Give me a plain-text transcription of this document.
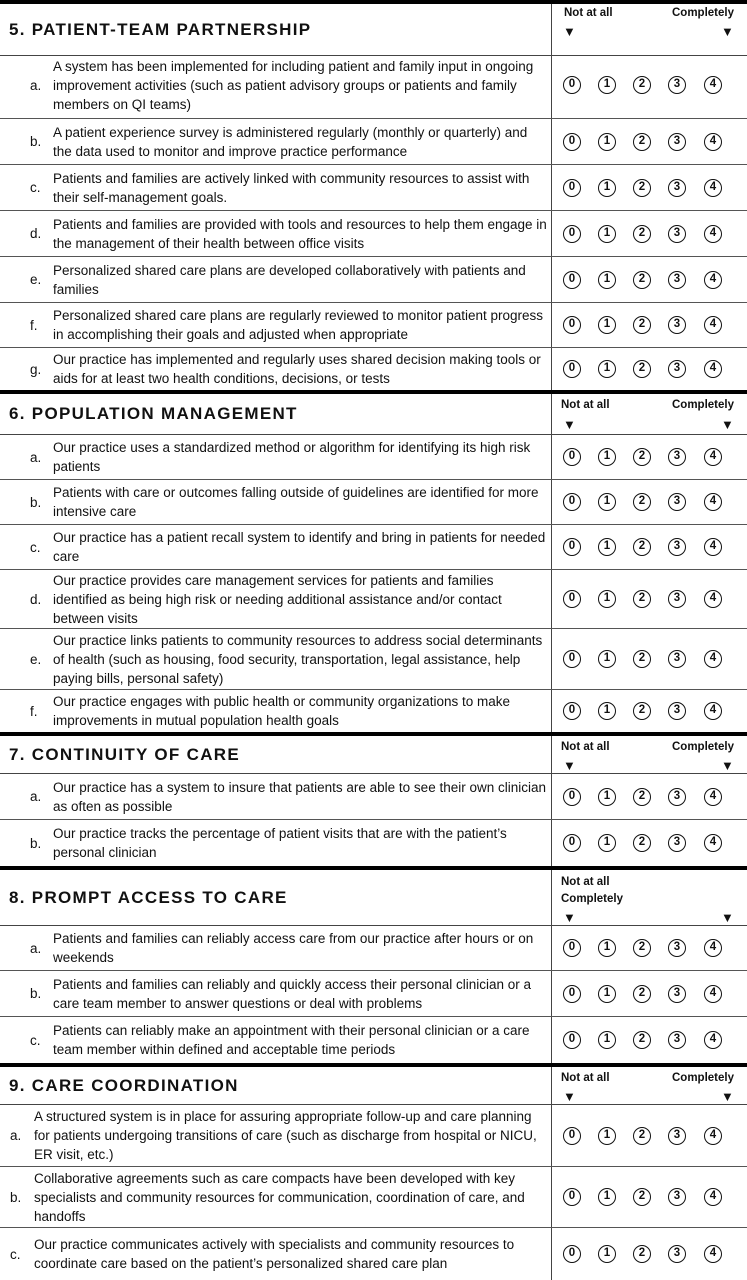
5. PATIENT-TEAM PARTNERSHIP
Not at all	Completely
▼	▼
a.
A system has been implemented for including patient and family input in ongoing improvement activities (such as patient advisory groups or patients and family members on QI teams)
0	1	2	3	4
b.
A patient experience survey is administered regularly (monthly or quarterly) and the data used to monitor and improve practice performance
0	1	2	3	4
c.
Patients and families are actively linked with community resources to assist with their self-management goals.
0	1	2	3	4
d.
Patients and families are provided with tools and resources to help them engage in the management of their health between office visits
0	1	2	3	4
e.
Personalized shared care plans are developed collaboratively with patients and families
0	1	2	3	4
f.
Personalized shared care plans are regularly reviewed to monitor patient progress in accomplishing their goals and adjusted when appropriate
0	1	2	3	4
g.
Our practice has implemented and regularly uses shared decision making tools or aids for at least two health conditions, decisions, or tests
0	1	2	3	4
6. POPULATION MANAGEMENT	Not at all	Completely
▼	▼
a.
Our practice uses a standardized method or algorithm for identifying its high risk patients
0	1	2	3	4
b.
Patients with care or outcomes falling outside of guidelines are identified for more intensive care
0	1	2	3	4
c.
Our practice has a patient recall system to identify and bring in patients for needed care
0	1	2	3	4
d.
Our practice provides care management services for patients and families identified as being high risk or needing additional assistance and/or contact between visits
0	1	2	3	4
e.
Our practice links patients to community resources to address social determinants of health (such as housing, food security, transportation, legal assistance, help paying bills, personal safety)
0	1	2	3	4
f.
Our practice engages with public health or community organizations to make improvements in mutual population health goals
0	1	2	3	4
7. CONTINUITY OF CARE	Not at all	Completely
▼	▼
a.
Our practice has a system to insure that patients are able to see their own clinician as often as possible
0	1	2	3	4
b.
Our practice tracks the percentage of patient visits that are with the patient’s personal clinician
0	1	2	3	4
8. PROMPT ACCESS TO CARE
Not at all
Completely
▼	▼
a.
Patients and families can reliably access care from our practice after hours or on weekends
0	1	2	3	4
b.
Patients and families can reliably and quickly access their personal clinician or a care team member to answer questions or deal with problems
0	1	2	3	4
c.
Patients can reliably make an appointment with their personal clinician or a care team member within defined and acceptable time periods
0	1	2	3	4
9. CARE COORDINATION	Not at all	Completely
▼	▼
a.
A structured system is in place for assuring appropriate follow-up and care planning for patients undergoing transitions of care (such as discharge from hospital or NICU, ER visit, etc.)
0	1	2	3	4
b.
Collaborative agreements such as care compacts have been developed with key specialists and community resources for communication, coordination of care, and handoffs
0	1	2	3	4
c.
Our practice communicates actively with specialists and community resources to coordinate care based on the patient’s personalized shared care plan
0	1	2	3	4
